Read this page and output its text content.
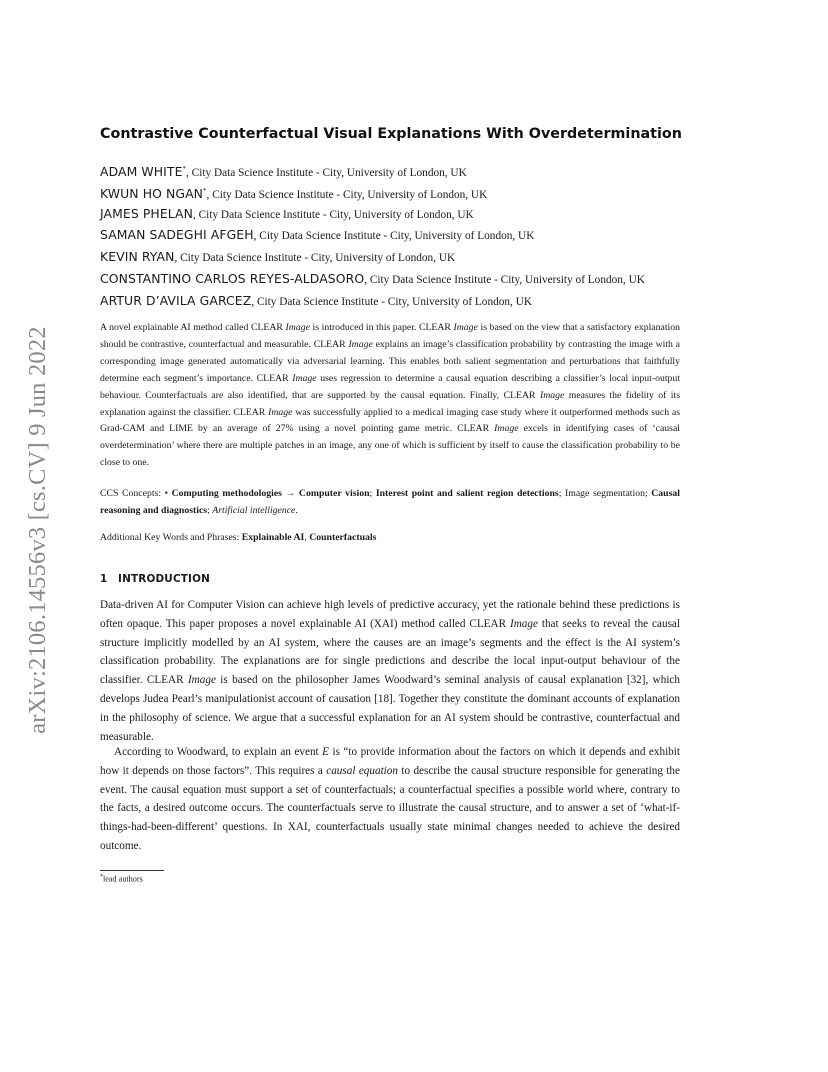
arXiv:2106.14556v3 [cs.CV] 9 Jun 2022
Contrastive Counterfactual Visual Explanations With Overdetermination
ADAM WHITE*, City Data Science Institute - City, University of London, UK
KWUN HO NGAN*, City Data Science Institute - City, University of London, UK
JAMES PHELAN, City Data Science Institute - City, University of London, UK
SAMAN SADEGHI AFGEH, City Data Science Institute - City, University of London, UK
KEVIN RYAN, City Data Science Institute - City, University of London, UK
CONSTANTINO CARLOS REYES-ALDASORO, City Data Science Institute - City, University of London, UK
ARTUR D’AVILA GARCEZ, City Data Science Institute - City, University of London, UK

A novel explainable AI method called CLEAR Image is introduced in this paper. CLEAR Image is based on the view that a satisfactory explanation should be contrastive, counterfactual and measurable. CLEAR Image explains an image’s classification probability by contrasting the image with a corresponding image generated automatically via adversarial learning. This enables both salient segmentation and perturbations that faithfully determine each segment’s importance. CLEAR Image uses regression to determine a causal equation describing a classifier’s local input-output behaviour. Counterfactuals are also identified, that are supported by the causal equation. Finally, CLEAR Image measures the fidelity of its explanation against the classifier. CLEAR Image was successfully applied to a medical imaging case study where it outperformed methods such as Grad-CAM and LIME by an average of 27% using a novel pointing game metric. CLEAR Image excels in identifying cases of ‘causal overdetermination’ where there are multiple patches in an image, any one of which is sufficient by itself to cause the classification probability to be close to one.

CCS Concepts: • Computing methodologies → Computer vision; Interest point and salient region detections; Image segmentation; Causal reasoning and diagnostics; Artificial intelligence.

Additional Key Words and Phrases: Explainable AI, Counterfactuals

1 INTRODUCTION

Data-driven AI for Computer Vision can achieve high levels of predictive accuracy, yet the rationale behind these predictions is often opaque. This paper proposes a novel explainable AI (XAI) method called CLEAR Image that seeks to reveal the causal structure implicitly modelled by an AI system, where the causes are an image’s segments and the effect is the AI system’s classification probability. The explanations are for single predictions and describe the local input-output behaviour of the classifier. CLEAR Image is based on the philosopher James Woodward’s seminal analysis of causal explanation [32], which develops Judea Pearl’s manipulationist account of causation [18]. Together they constitute the dominant accounts of explanation in the philosophy of science. We argue that a successful explanation for an AI system should be contrastive, counterfactual and measurable.

According to Woodward, to explain an event E is “to provide information about the factors on which it depends and exhibit how it depends on those factors”. This requires a causal equation to describe the causal structure responsible for generating the event. The causal equation must support a set of counterfactuals; a counterfactual specifies a possible world where, contrary to the facts, a desired outcome occurs. The counterfactuals serve to illustrate the causal structure, and to answer a set of ‘what-if-things-had-been-different’ questions. In XAI, counterfactuals usually state minimal changes needed to achieve the desired outcome.

*lead authors
